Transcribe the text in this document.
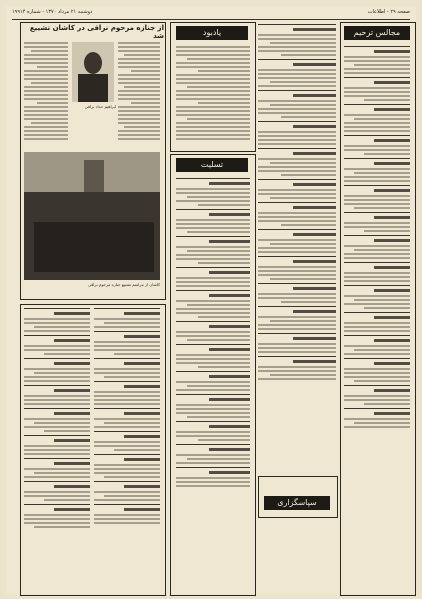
دوشنبه ۲۱ مرداد ۱۳۷۰ - شماره ۱۹۹۱۴	صفحه ۲۹ - اطلاعات
از جنازه مرحوم نراقی در کاشان تشییع شد
ابراهیم حداد نراقی
کاشان از مراسم تشییع جنازه مرحوم نراقی
یادبود
تسلیت
سپاسگزاری
مجالس ترحیم
